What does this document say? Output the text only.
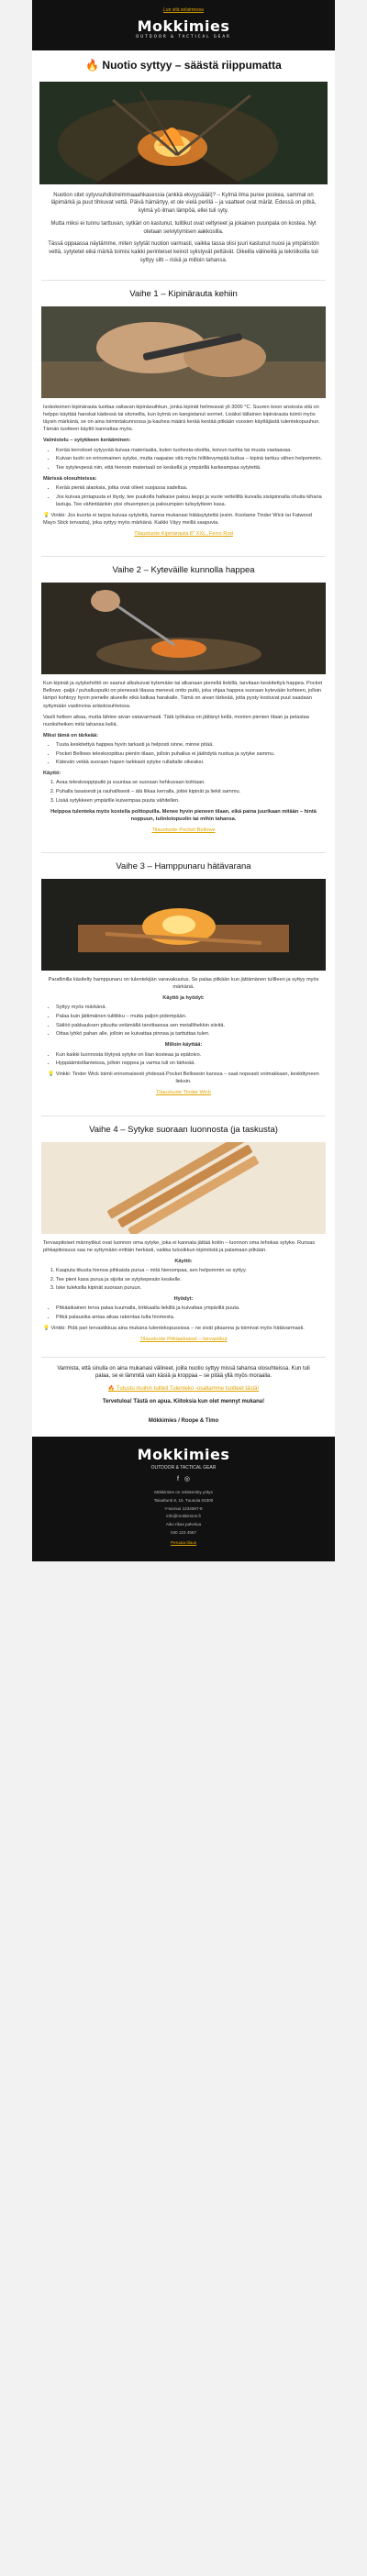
Lue sitä selaimessa
Mokkimies
OUTDOOR & TACTICAL GEAR
🔥 Nuotio syttyy – säästä riippumatta

Nuotion sitet sytyvsuhdistreimmaaahkasessia (ankkä ekvyysäiäii)? – Kylmä ilma puree poskea, sammal on läpimärkä ja puut tihkuvat vettä. Päivä hämärtyy, et ole vielä perillä – ja vaatteet ovat märät. Edessä on pitkä, kylmä yö ilman lämpöä, ellei tuli syty.

Mutta miksi ei tunnu tarttuvan, sytkäri on kastunut, tulitikut ovat veltyneet ja jokainen puunpala on kostea. Nyt otetaan selviytymisen aakkosilla.

Tässä oppaassa näytämme, miten sytytät nuotion varmasti, vaikka tassa olisi juuri kastunut nuosi ja ympäristön vettä, sytytetet eikä märkä toimisi kaikki perinteiset keinot sylistyvät pettävät. Oikeilla välineillä ja tekniikoilla tuli syttyy silti – riskä ja milloin tahansa.

Vaihe 1 – Kipinärauta kehiin

Isokokoinen kipinärauta tuottaa valtavan kipinäsuihkun, jonka kipinät helmeavat yli 3000 °C. Suuren koon ansiosta sitä on helppo käyttää hanskat kädessä tai sitoneilla, kun kylmä on kangistanut sormet. Lisäksi tällainen kipinärauta toimii myös täysin märkänä, se on aina toimintakunnossa ja kauhea määrä kerää kestää pitkään vuosien käyttäjästä tulentekopuuhun. Tämän tuotteen käyttö kannattaa myös.

Valmistelu – sytykkeen kerääminen:

• Kerää kerrokset sytyyvää kuivaa materiaalia, kuten tuohesta-okoilta, koivun tuohta tai muuta vastaavaa.
• Kuivan tuohi on erinomainen sytyke, mutta raapaise sitä myös hiiltilevympää kuitua – kipinä tarttuu siihen helpommin.
• Tee sytylevpesä niin, että hienoin materiaali on keskellä ja ympärillä karkeampaa sytytettä.

Märissä olosuhteissa:

• Kerää pieniä alaoksia, jotka ovat olleet suojassa sadeltaa.
• Jos kuivaa pintapuuta ei löydy, tee puukolla halkaise paksu keppi ja vuole vetteliltä kuivalla sisäpinnalla ohuita kiharia lastuja. Tee vähintäänkin yksi ohuempien ja paksumpien tulisytytteen kasa.

💡 Vinkki: Jos kuorta ei tarjoa kuivaa sytytettä, kanna mukanasi hätäsytytettä (esim. Kootame Tinder Wick tai Fatwood Mayo Stick tervasta), joka syttyy myös märkänä. Kaikki Väyy meillä saapuvia.

Tilaustuote Kipinärauta 8" XXL, Ferro Rod
Vaihe 2 – Kyteväille kunnolla happea

Kun kipinät ja sytykehöttö on saanut alkukuivat kytemään tai alkanaan pienellä liekillä, tarvitaan keskitettyä happea. Pocket Bellows -paljä / puhallusputki on pienessä tilassa menevä ontto putki, joka ohjaa happea suoraan kytevään kohteen, jolloin lämpö kohtoyy hyvin pienelle alueelle eikä katkaa harakalle. Tämä on aivan tärkeää, jotta pysty kostuvat puut saadaan syttymään vastinvioa ariäolosuhteissa.

Vasili hetken aikaa, mutta lähtee aivan vatavarmasti. Tätä työkalua on jättänyt kellä, monien pienien tilaan ja pelastaa nuotioiheiken mitä tahansa keliä.

Miksi tämä on tärkeää:

• Tuuta keskitettyä happea hyvin tarkasti ja helposti sinne, minne pitää.
• Pocket Bellows teleskoopittuu pieniin tilaan, jolloin puhallus ei jäähdytä nuotua ja sytyke sammu.
• Kätevän vetää suoraan hapen tarkkasti sytyke rullaltalle oikeaksi.

Käyttö:

1. Avaa teleskooppiputki ja suuntaa se suoraan hehkuvaan kohtaan.
2. Puhalla tasaisesti ja rauhallisesti – älä liikaa kerralla, jottei kipinät ja liekit sammu.
3. Lisää sytykkeen ympärille kuivempaa puuta vähitellen.

Helppoa tulenteka myös kostella polttopuilla. Menee hyvin pieneen tilaan, eikä paina juurikaan mitään – hintä noppuun, tulinlotopuolin tai mihin tahansa.

Tilaustuote Pocket Bellows
Vaihe 3 – Hamppunaru hätävarana

Parafiinilla käsitelty hamppunaru on tulentekijän varavakuutus. Se palaa pitkään kun jättämänen tulilleen ja syttyy myös märkänä.

Käyttö ja hyödyt:

• Syttyy myös märkänä.
• Palaa kuin jättimäinen tulitikku – mutta paljon pidempään.
• Säilöö pakkauksen pituutta vetämällä tarvittaessa sen metallihekkin siivitä.
• Ottaa lyhkö pahan alle, jolloin se kuivattaa pinnaa ja tarttuttaa tulen.

Milloin käyttää:

• Kun kaikki luonnosta löytyvä sytyke on liian kosteaa ja epätoivo.
• Hyppäämistilanteissa, jolloin noppea ja varma tuli on tärkeää.

💡 Vinkki: Tinder Wick toimii erinomaisesti yhdessä Pocket Bellowsin kanssa – saat nopeasti voimakkaan, keskittyneen lieksin.

Tilaustuote Tinder Wick
Vaihe 4 – Sytyke suoraan luonnosta (ja taskusta)

Tervaspitoiset männytikut ovat luonnon oma sytyke, joka ei kannata jättää kotiin – luonnon oma tehokas sytyke. Runsas pihkapitoisuus saa ne syttymään erittäin herkästi, vaikka tulosikkun kipinöistä ja palamaan pitkään.

Käyttö:

1. Kaaputa tikusta hienoa pihkaista purua – mitä hienompaa, sen helpommin se syttyy.
2. Tee pieni kasa purua ja sijoita se sytykepesän keskelle.
3. Iske tuleksilla kipinät suoraan puruun.

Hyödyt:

• Pitkäaikainen terva palaa kuumalla, kirkkaalla liekillä ja kuivattaa ympärillä puuta.
• Pitkä palausika antaa aikaa rakentaa tulta hiomesta.

💡 Vinkki: Pidä pari tervastikkua aina mukana tulentekopussissa – ne sivät pitaanna ja toimivat myös hätävarmasti.

Tilaustuote Pitkäaikaiset – tervastikut

Varmista, että sinulla on aina mukanasi välineet, joilla nuotio syttyy missä tahansa olosuhteissa. Kun tuli palaa, se ei lämmitä vain käsiä ja kroppaa – se pitää yllä myös moraalia.

🔥 Tutustu muihin tuliteit Tulenteko -osaltamme tuotteet tästä!

Tervetuloa! Tästä on apua. Kiitoksia kun olet mennyt mukana!

Mökkimies / Roope & Timo
Mokkimies
OUTDOOR & TACTICAL GEAR
f ◎

Mökkimies on rekisteröity yritys

Taivaltunti 8, 15. Tuusula 04300

Y-tunnus 1234567-8

info@mokkimies.fi

Aiko rikas palvelua

040 123 4567

Peruuta tilaus
